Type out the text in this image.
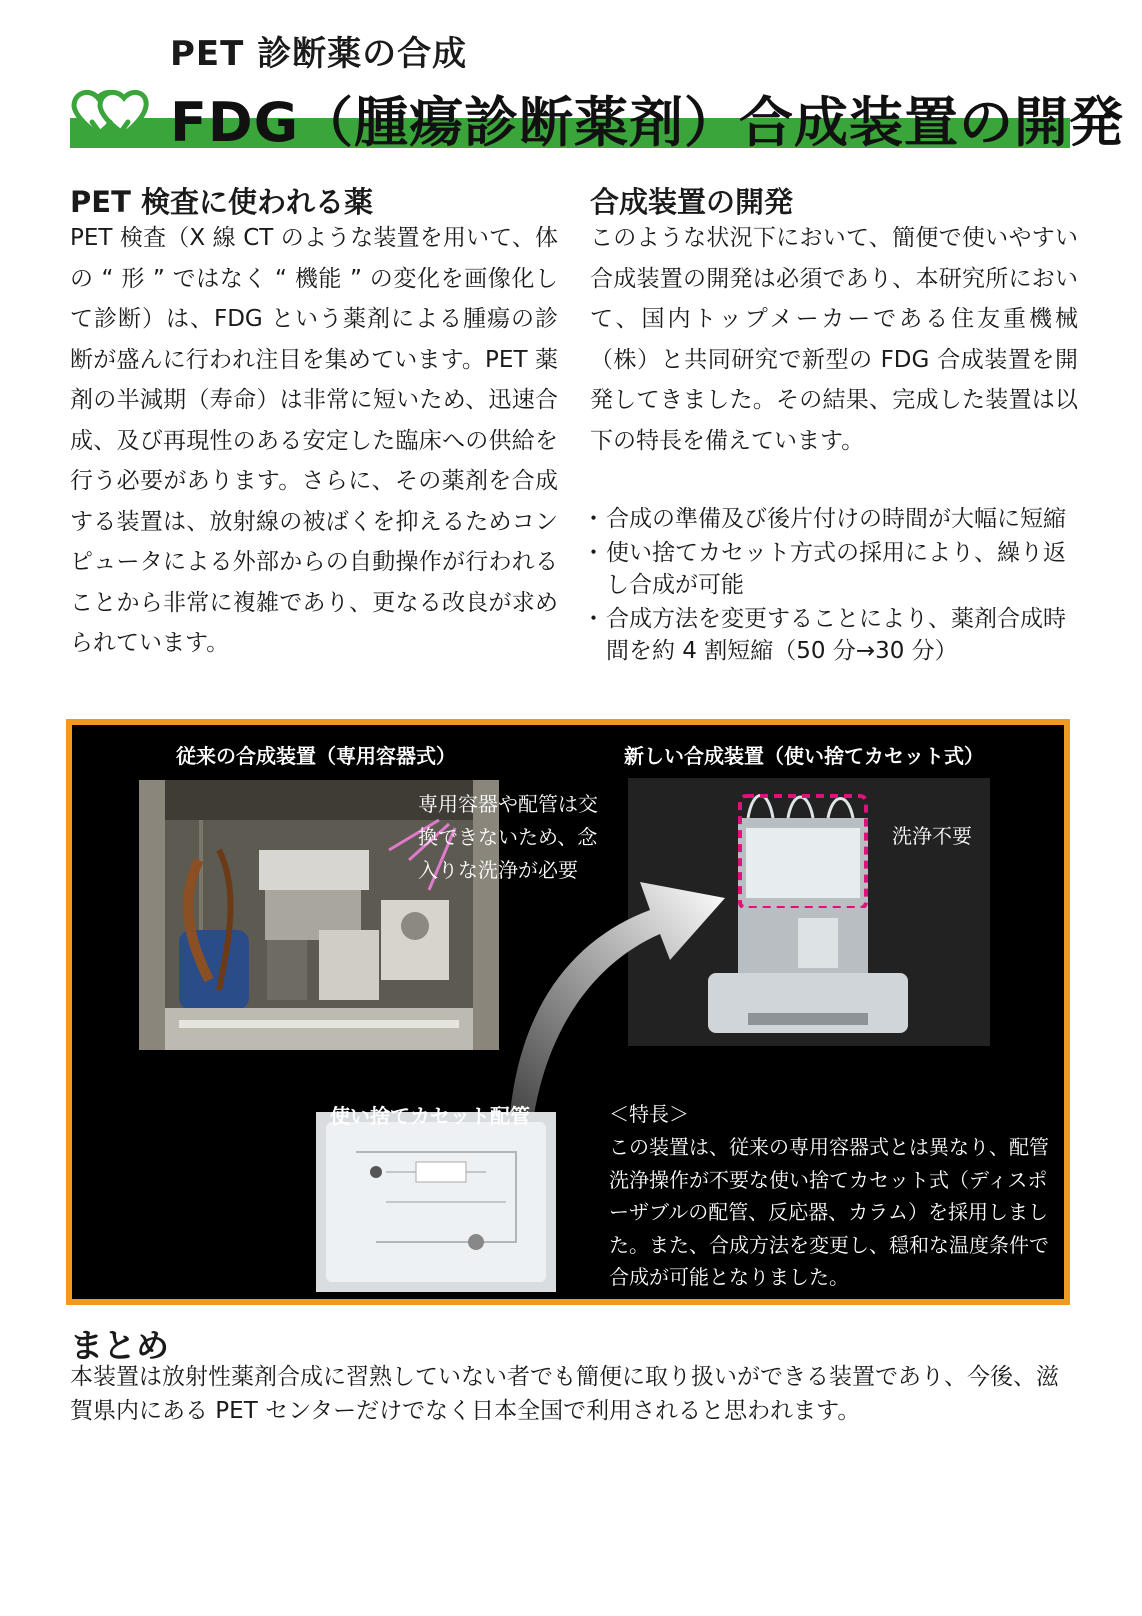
PET 診断薬の合成
FDG（腫瘍診断薬剤）合成装置の開発
PET 検査に使われる薬
PET 検査（X 線 CT のような装置を用いて、体の “ 形 ” ではなく “ 機能 ” の変化を画像化して診断）は、FDG という薬剤による腫瘍の診断が盛んに行われ注目を集めています。PET 薬剤の半減期（寿命）は非常に短いため、迅速合成、及び再現性のある安定した臨床への供給を行う必要があります。さらに、その薬剤を合成する装置は、放射線の被ばくを抑えるためコンピュータによる外部からの自動操作が行われることから非常に複雑であり、更なる改良が求められています。
合成装置の開発
このような状況下において、簡便で使いやすい合成装置の開発は必須であり、本研究所において、国内トップメーカーである住友重機械（株）と共同研究で新型の FDG 合成装置を開発してきました。その結果、完成した装置は以下の特長を備えています。
・ 合成の準備及び後片付けの時間が大幅に短縮
・ 使い捨てカセット方式の採用により、繰り返し合成が可能
・ 合成方法を変更することにより、薬剤合成時間を約 4 割短縮（50 分→30 分）
従来の合成装置（専用容器式）	新しい合成装置（使い捨てカセット式）
専用容器や配管は交換できないため、念入りな洗浄が必要
洗浄不要
使い捨てカセット配管	＜特長＞
この装置は、従来の専用容器式とは異なり、配管洗浄操作が不要な使い捨てカセット式（ディスポーザブルの配管、反応器、カラム）を採用しました。また、合成方法を変更し、穏和な温度条件で合成が可能となりました。
まとめ
本装置は放射性薬剤合成に習熟していない者でも簡便に取り扱いができる装置であり、今後、滋賀県内にある PET センターだけでなく日本全国で利用されると思われます。
